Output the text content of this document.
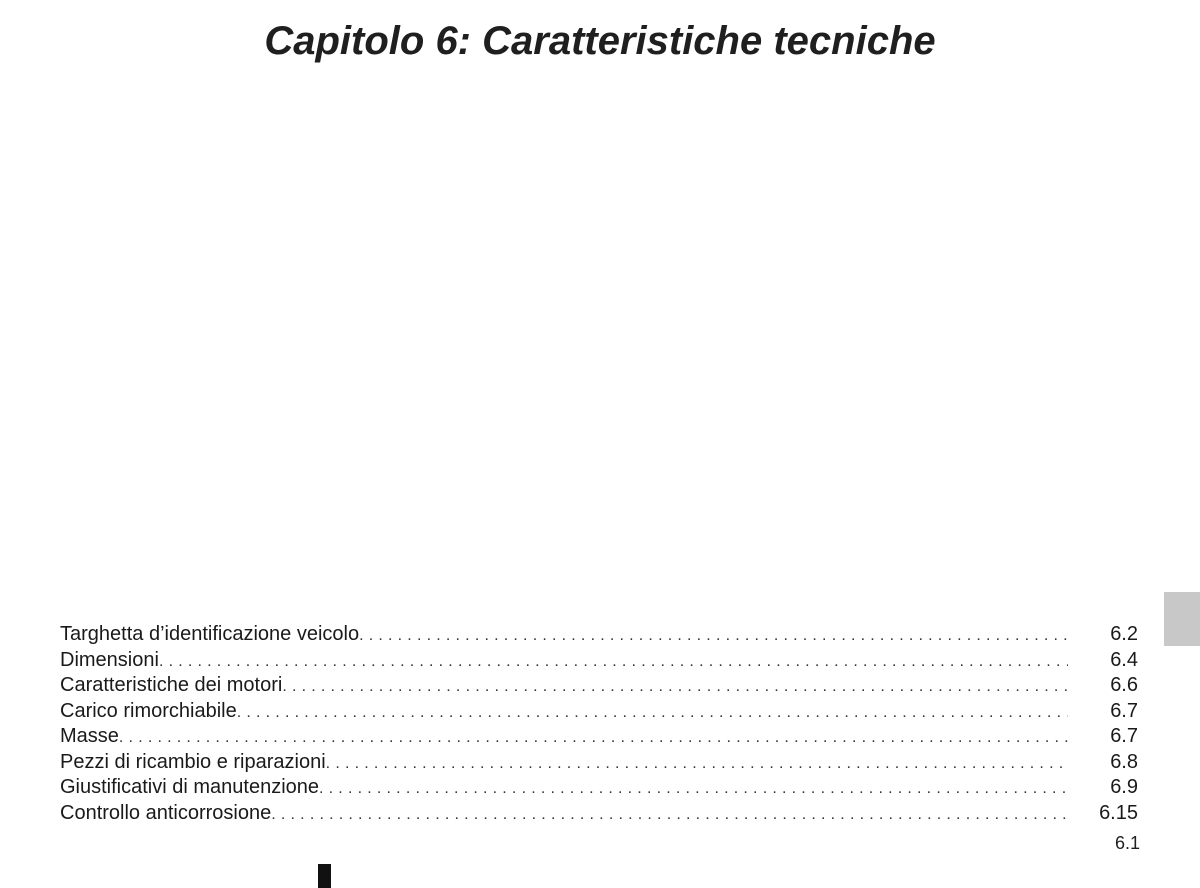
Capitolo 6: Caratteristiche tecniche
Targhetta d’identificazione veicolo .....	6.2
Dimensioni .....	6.4
Caratteristiche dei motori .....	6.6
Carico rimorchiabile .....	6.7
Masse .....	6.7
Pezzi di ricambio e riparazioni .....	6.8
Giustificativi di manutenzione .....	6.9
Controllo anticorrosione .....	6.15
6.1
